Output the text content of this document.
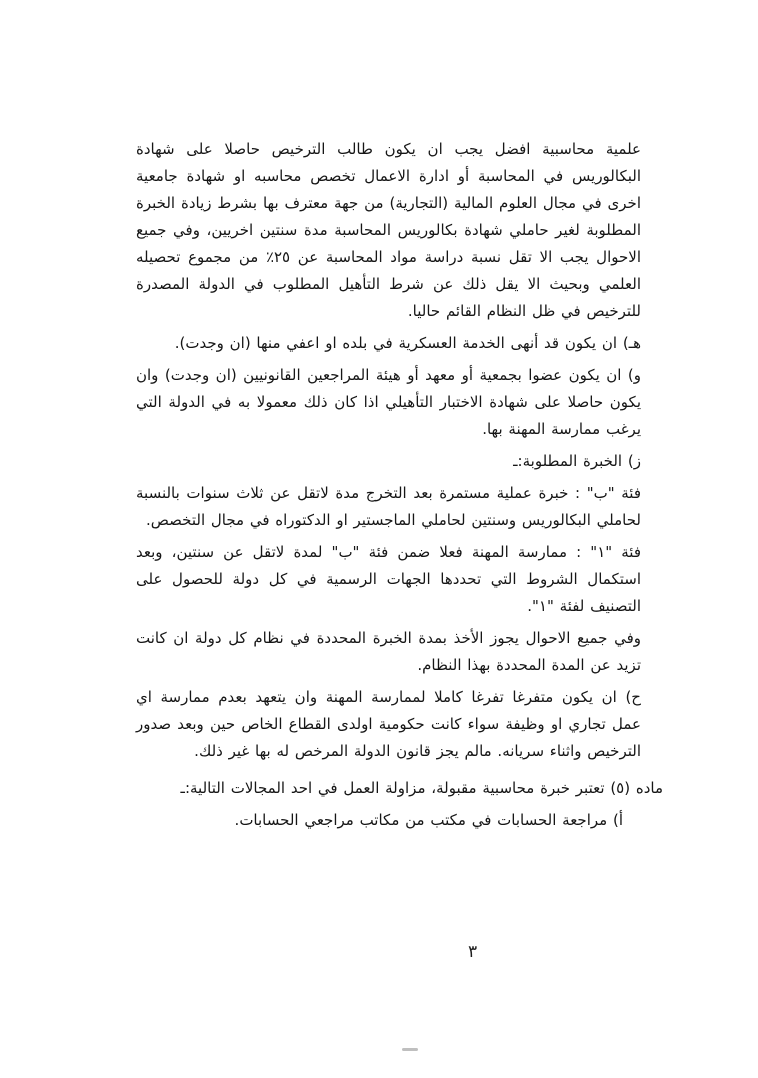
علمية محاسبية افضل يجب ان يكون طالب الترخيص حاصلا على شهادة البكالوريس في المحاسبة أو ادارة الاعمال تخصص محاسبه او شهادة جامعية اخرى في مجال العلوم المالية (التجارية) من جهة معترف بها بشرط زيادة الخبرة المطلوبة لغير حاملي شهادة بكالوريس المحاسبة مدة سنتين اخريين، وفي جميع الاحوال يجب الا تقل نسبة دراسة مواد المحاسبة عن ٢٥٪ من مجموع تحصيله العلمي وبحيث الا يقل ذلك عن شرط التأهيل المطلوب في الدولة المصدرة للترخيص في ظل النظام القائم حاليا.

هـ) ان يكون قد أنهى الخدمة العسكرية في بلده او اعفي منها (ان وجدت).

و) ان يكون عضوا بجمعية أو معهد أو هيئة المراجعين القانونيين (ان وجدت) وان يكون حاصلا على شهادة الاختبار التأهيلي اذا كان ذلك معمولا به في الدولة التي يرغب ممارسة المهنة بها.

ز) الخبرة المطلوبة:ـ

فئة "ب" : خبرة عملية مستمرة بعد التخرج مدة لاتقل عن ثلاث سنوات بالنسبة لحاملي البكالوريس وسنتين لحاملي الماجستير او الدكتوراه في مجال التخصص.

فئة "١" : ممارسة المهنة فعلا ضمن فئة "ب" لمدة لاتقل عن سنتين، وبعد استكمال الشروط التي تحددها الجهات الرسمية في كل دولة للحصول على التصنيف لفئة "١".

وفي جميع الاحوال يجوز الأخذ بمدة الخبرة المحددة في نظام كل دولة ان كانت تزيد عن المدة المحددة بهذا النظام.

ح) ان يكون متفرغا تفرغا كاملا لممارسة المهنة وان يتعهد بعدم ممارسة اي عمل تجاري او وظيفة سواء كانت حكومية اولدى القطاع الخاص حين وبعد صدور الترخيص واثناء سريانه. مالم يجز قانون الدولة المرخص له بها غير ذلك.

ماده (٥) تعتبر خبرة محاسبية مقبولة، مزاولة العمل في احد المجالات التالية:ـ

أ) مراجعة الحسابات في مكتب من مكاتب مراجعي الحسابات.

٣
